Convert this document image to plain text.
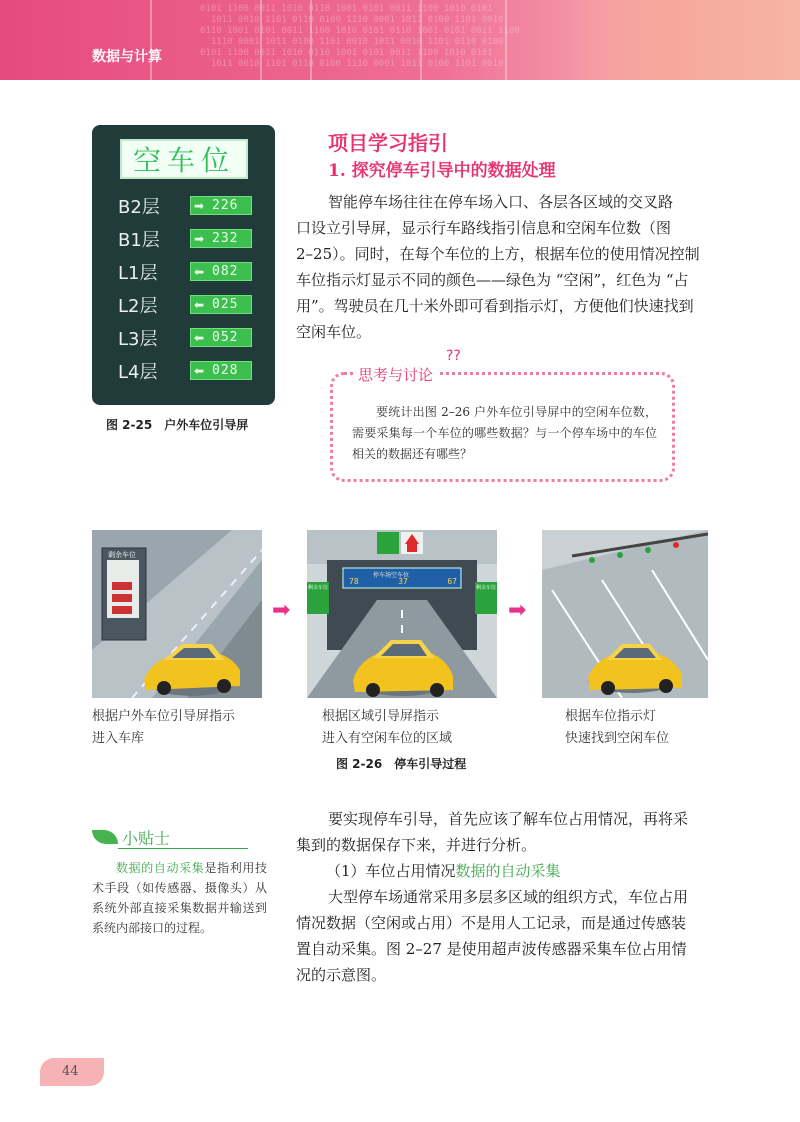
0101 1100 0011 1010 0110 1001 0101 0011 1100 1010 0101
1011 0010 1101 0110 0100 1110 0001 1011 0100 1101 0010
0110 1001 0101 0011 1100 1010 0101 0110 1001 0101 0011 1100
1110 0001 1011 0100 1101 0010 1011 0010 1101 0110 0100
0101 1100 0011 1010 0110 1001 0101 0011 1100 1010 0101
1011 0010 1101 0110 0100 1110 0001 1011 0100 1101 0010
数据与计算
空车位
B2层	➡ 226
B1层	➡ 232
L1层	⬅ 082
L2层	⬅ 025
L3层	⬅ 052
L4层	⬅ 028
图 2-25　户外车位引导屏
项目学习指引
1. 探究停车引导中的数据处理
智能停车场往往在停车场入口、各层各区域的交叉路
口设立引导屏，显示行车路线指引信息和空闲车位数（图
2–25）。同时，在每个车位的上方，根据车位的使用情况控制
车位指示灯显示不同的颜色——绿色为 “空闲”，红色为 “占
用”。驾驶员在几十米外即可看到指示灯，方便他们快速找到
空闲车位。
思考与讨论
??
要统计出图 2–26 户外车位引导屏中的空闲车位数，需要采集每一个车位的哪些数据？与一个停车场中的车位相关的数据还有哪些？
剩余车位
➡
停车场空车位
78	37	67
剩余车位	剩余车位
➡
根据户外车位引导屏指示
进入车库
根据区域引导屏指示
进入有空闲车位的区域
根据车位指示灯
快速找到空闲车位
图 2-26　停车引导过程
小贴士
数据的自动采集是指利用技术手段（如传感器、摄像头）从系统外部直接采集数据并输送到系统内部接口的过程。
要实现停车引导，首先应该了解车位占用情况，再将采
集到的数据保存下来，并进行分析。
（1）车位占用情况数据的自动采集
大型停车场通常采用多层多区域的组织方式，车位占用
情况数据（空闲或占用）不是用人工记录，而是通过传感装
置自动采集。图 2–27 是使用超声波传感器采集车位占用情
况的示意图。
44
